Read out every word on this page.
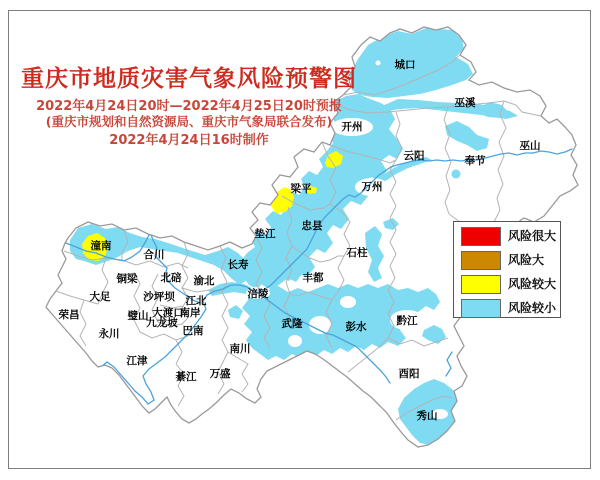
城口
巫溪
开州
云阳	奉节
巫山
万州
梁平
垫江
忠县
石柱
潼南
合川
长寿
铜梁 北碚 渝北
大足
荣昌
永川
沙坪坝 江北
璧山 大渡口
南岸
九龙坡
巴南
江津
綦江 万盛
南川
丰都
涪陵
武隆	彭水	黔江
酉阳
秀山
重庆市地质灾害气象风险预警图
2022年4月24日20时—2022年4月25日20时预报
(重庆市规划和自然资源局、重庆市气象局联合发布)
2022年4月24日16时制作
风险很大
风险大
风险较大
风险较小
